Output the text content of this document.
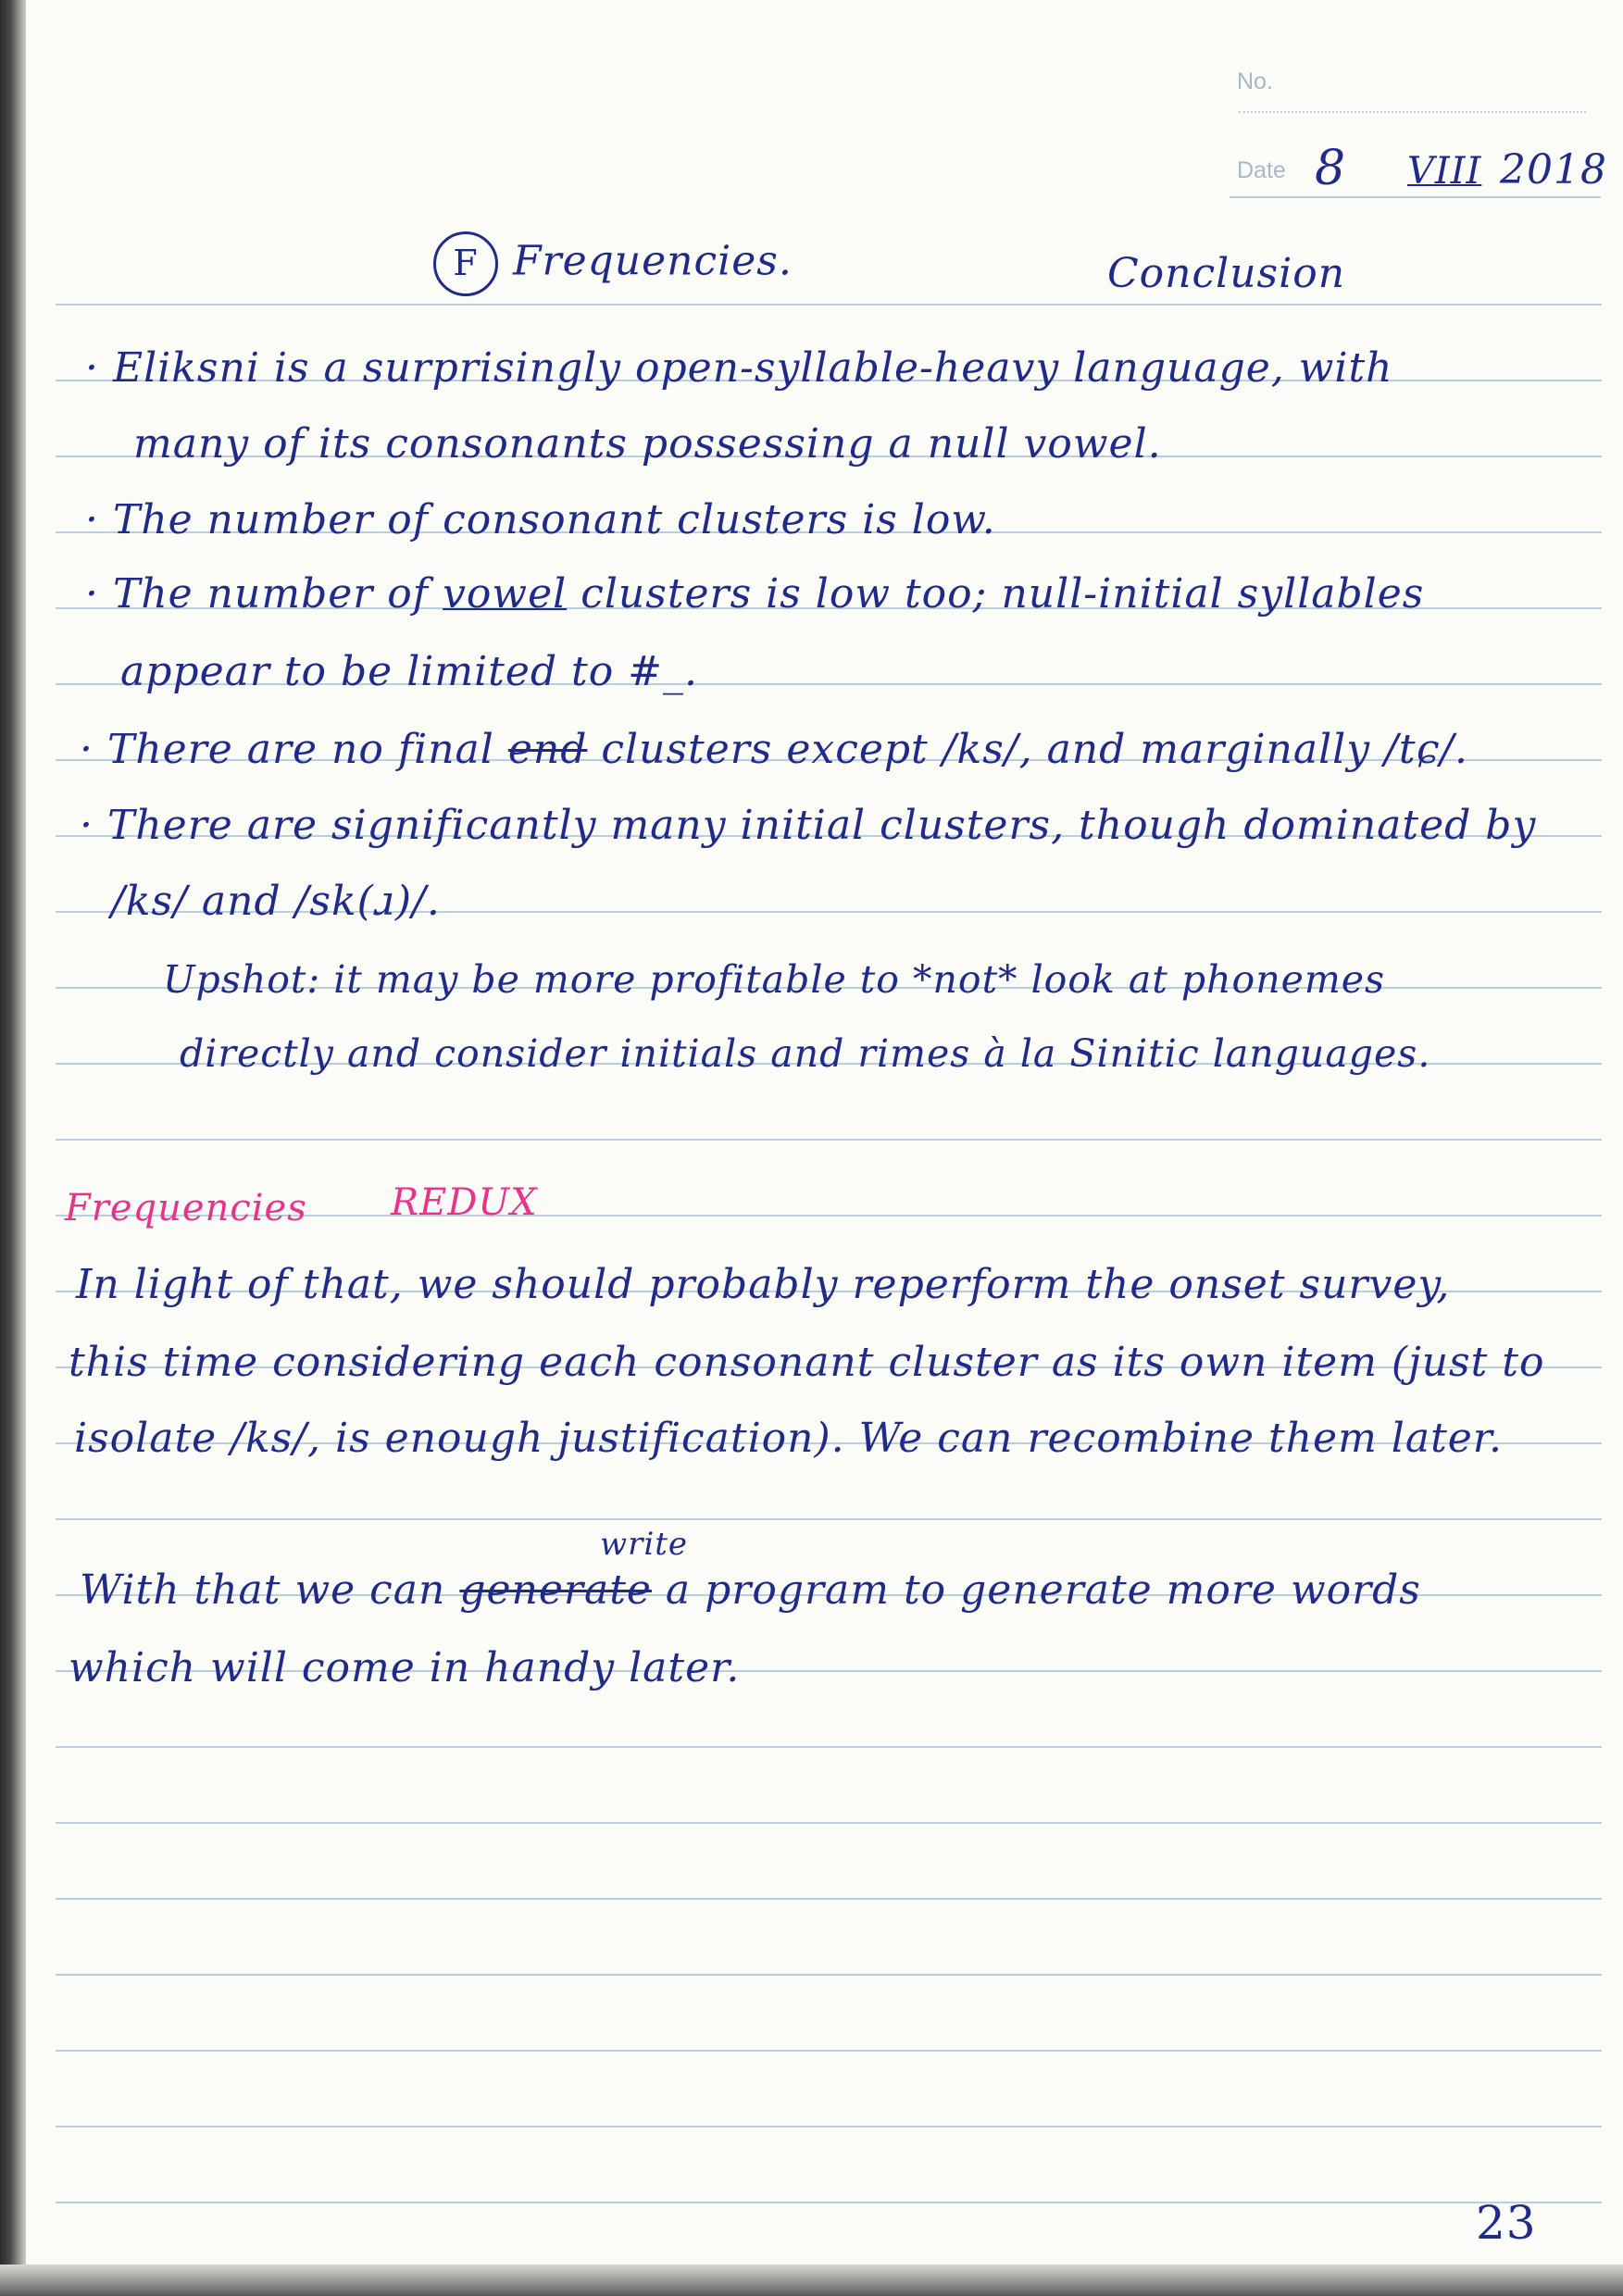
No.
Date 8 VIII 2018
F Frequencies.	Conclusion
· Eliksni is a surprisingly open-syllable-heavy language, with
many of its consonants possessing a null vowel.
· The number of consonant clusters is low.
· The number of vowel clusters is low too; null-initial syllables
appear to be limited to #_.
· There are no final end clusters except /ks/, and marginally /tɕ/.
· There are significantly many initial clusters, though dominated by
/ks/ and /sk(ɹ)/.
Upshot: it may be more profitable to *not* look at phonemes
directly and consider initials and rimes à la Sinitic languages.
Frequencies REDUX
In light of that, we should probably reperform the onset survey,
this time considering each consonant cluster as its own item (just to
isolate /ks/, is enough justification). We can recombine them later.
write
With that we can generate a program to generate more words
which will come in handy later.
23
